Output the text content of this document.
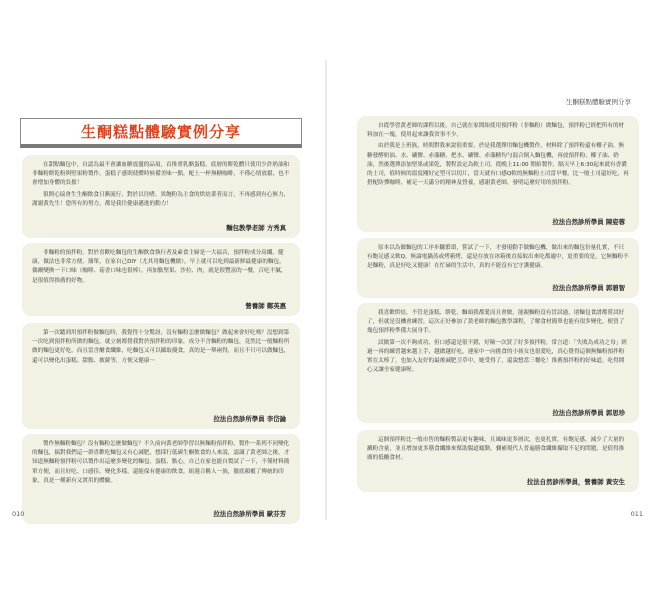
生酮糕點體驗實例分享

在甜點麵包中，自認為最不會讓血糖震盪的品項，首推重乳酪蛋糕。底層的餅乾體只使用少許奶油和非麵粉餅乾粉與堅果粉製作，蛋糕子感則使體時候備美味一點，配上一杯無糖咖啡，不僅心情放鬆，也不會增加身體的負擔！

很開心協會生生酮飲食日漸流行，對於以往嗜、異飽粉為主食的烘焙業者而言，不再感到有心無力，謝謝黃先生！您所有的努力，都是我往健康邁進的動力！

麵包教學老師 方秀真

非麵粉的預拌粉，對於喜歡吃麵包的生酮飲食執行者及素食主婦是一大福音，預拌粉成分高纖、健康，做法也非常方便、簡單，在家自己DIY（尤其用麵包機做），早上就可以吃到最新鮮最健康的麵包，偶爾變換一下口味（咖啡、菇香口味也很棒），再加點堅果、沙拉、肉，就是很豐富的一餐，百吃不膩，是很值得推薦的好物。

營養師 鄭英惠

第一次聽到用預拌粉做麵包時，我覺得十分驚訝，沒有麵粉怎麼做麵包？做起來會好吃嗎？沒想到第一次吃到預拌粉所做的麵包，就立刻都覺我對於預拌粉的印象，成分不含麵粉的麵包，竟然比一般麵粉所做的麵包更好吃，而且當含醣食纖維，吃麵包又可以攝取優食，真的是一舉兩得，而且不只可以做麵包，還可以變化出蛋糕、甜點、披薩等，方便又健康～

拉法自然診所學員 李岱論

製作無麵粉麵包？沒有麵粉怎麼做麵包？不久前向黃老師學習以無麵粉預拌粉，製作一系列不同變化的麵包，搞對我們這一群喜歡吃麵包又有心減肥，想採行低碳生酮飲食的人來說，認識了黃老師之後，才知道無麵粉預拌粉可以製作出這麼多變化的麵包、蛋糕、點心，自己在家也能自製試了一下，不僅材料簡單方便，而且好吃、口感佳、變化多樣，還能保有健康的飲食，組週合稱人一族，徹底顛覆了傳統的印象，真是一種新有又實用的體驗。

拉法自然診所學員 歐芬芳
010
生酮糕點體驗實例分享

自從學習黃老師的課程以後，自己就在家開始使用預拌粉（非麵粉）做麵包，預拌粉已經把所有的材料加在一塊，使用起來讓我省事不少。

由於我是上班族，時間對我來說很重要，於是我選擇用麵包機製作，材料除了預拌粉還有椰子油，無糖發酵奶油、水、礦鹽、赤藻糖、把水、礦鹽、赤藻糖均勻混合倒入麵包機，再放預拌粉、椰子油、奶油，然後選擇添加堅果或果乾，製程設定為軟土司，從晚上11:00 開始製作，隔天早上6:30起來就有香濃的土司，值時候的溫度剛好定型可以切片，當天就有口感Q軟的無麵粉土司當早餐，比一般土司還好吃，再搭配防彈咖啡，補足一天滿分的精神及營養，感謝黃老師，發明這麼好用的預拌粉。

拉法自然診所學員 陳姿蓉

原本以為做麵包的工序步驟繁瑣，嘗試了一下，才發現動手做麵包機，做出來的麵包份量扎實，不只有飽足感又軟Q，無論電鍋蒸或烤箱烤，還是存放在冰箱後直接取出來吃都適中，更重要的是，它無麵粉不是麵粉，真是好吃又健康！在忙碌的生活中，真的不能沒有它守護健康。

拉法自然診所學員 郭碧智

我喜歡烘焙，不管是蛋糕、餅乾、麵頭我都愛而且會做，能親麵粉沒有冒試過，诸麵包食譜都嘗試好了，但就是沒機會練習，這次正好參加了黃老師的麵包教學課程，了解食材簡單也能有很多變化，便買了幾包預拌粉準備大展身手。

試做第一次不夠成功，但口感還是很不錯，好險一次買了好多預拌粉，常言道：「失敗為成功之母」經過一再的練習越來越上手，越做越好吃，連家中一向挑食的小孩女也很愛吃，真心覺得這個無麵粉預拌粉實在太棒了，也加入友好的最後減肥卫草中，她受得了，還說想當三餐吃！推薦預拌粉的好味道，吃得開心又讓全家健康喔。

拉法自然診所學員 郭思珍

這個預拌粉比一般市售的麵粉製品更有趣味，且風味更多層次，也更扎實，有飽足感，減少了大量的澱粉含量，並且增加更多膳食纖維來幫助腸道蠕動，彌補現代人普遍膳食纖維攝取不足的問題，是值得推廣的低醣食材。

拉法自然診所學員，營養師 黃安生
011
